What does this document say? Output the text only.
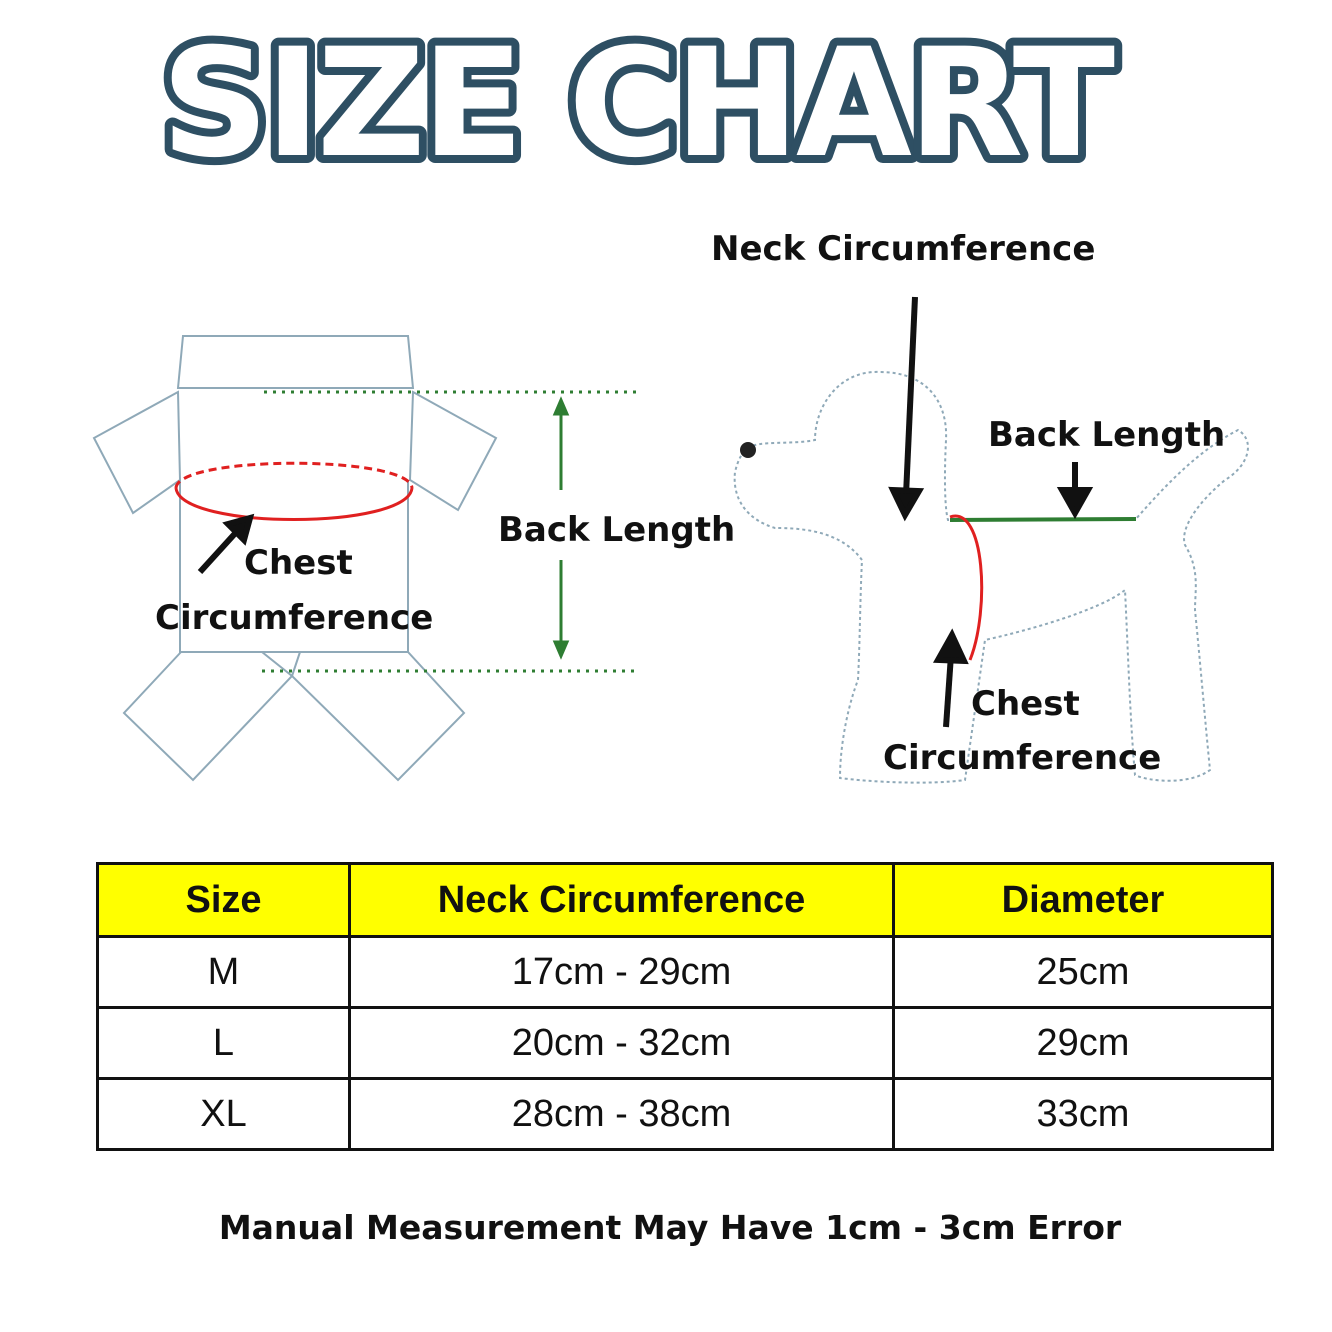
SIZE CHART
Chest
Circumference
Back Length
Neck Circumference
Back Length
Chest
Circumference
Size	Neck Circumference	Diameter
M	17cm - 29cm	25cm
L	20cm - 32cm	29cm
XL	28cm - 38cm	33cm
Manual Measurement May Have 1cm - 3cm Error
